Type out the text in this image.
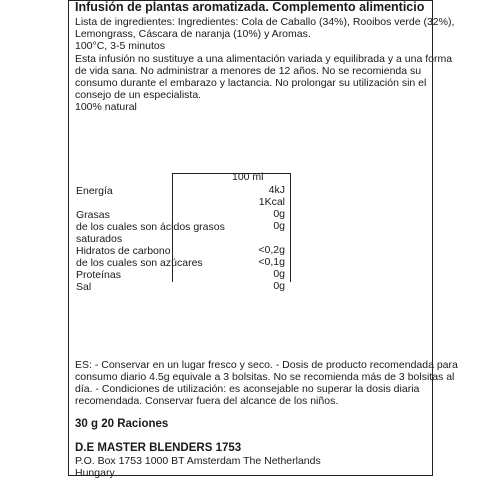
Infusión de plantas aromatizada. Complemento alimenticio
Lista de ingredientes: Ingredientes: Cola de Caballo (34%), Rooibos verde (32%),
Lemongrass, Cáscara de naranja (10%) y Aromas.
100°C, 3-5 minutos
Esta infusión no sustituye a una alimentación variada y equilibrada y a una forma
de vida sana. No administrar a menores de 12 años. No se recomienda su
consumo durante el embarazo y lactancia. No prolongar su utilización sin el
consejo de un especialista.
100% natural
100 ml
Energía	4kJ
1Kcal
Grasas	0g
de los cuales son ácidos grasos	0g
saturados
Hidratos de carbono	<0,2g
de los cuales son azúcares	<0,1g
Proteínas	0g
Sal	0g
ES: - Conservar en un lugar fresco y seco. - Dosis de producto recomendada para
consumo diario 4.5g equivale a 3 bolsitas. No se recomienda más de 3 bolsitas al
día. - Condiciones de utilización: es aconsejable no superar la dosis diaria
recomendada. Conservar fuera del alcance de los niños.
30 g 20 Raciones
D.E MASTER BLENDERS 1753
P.O. Box 1753 1000 BT Amsterdam The Netherlands
Hungary
